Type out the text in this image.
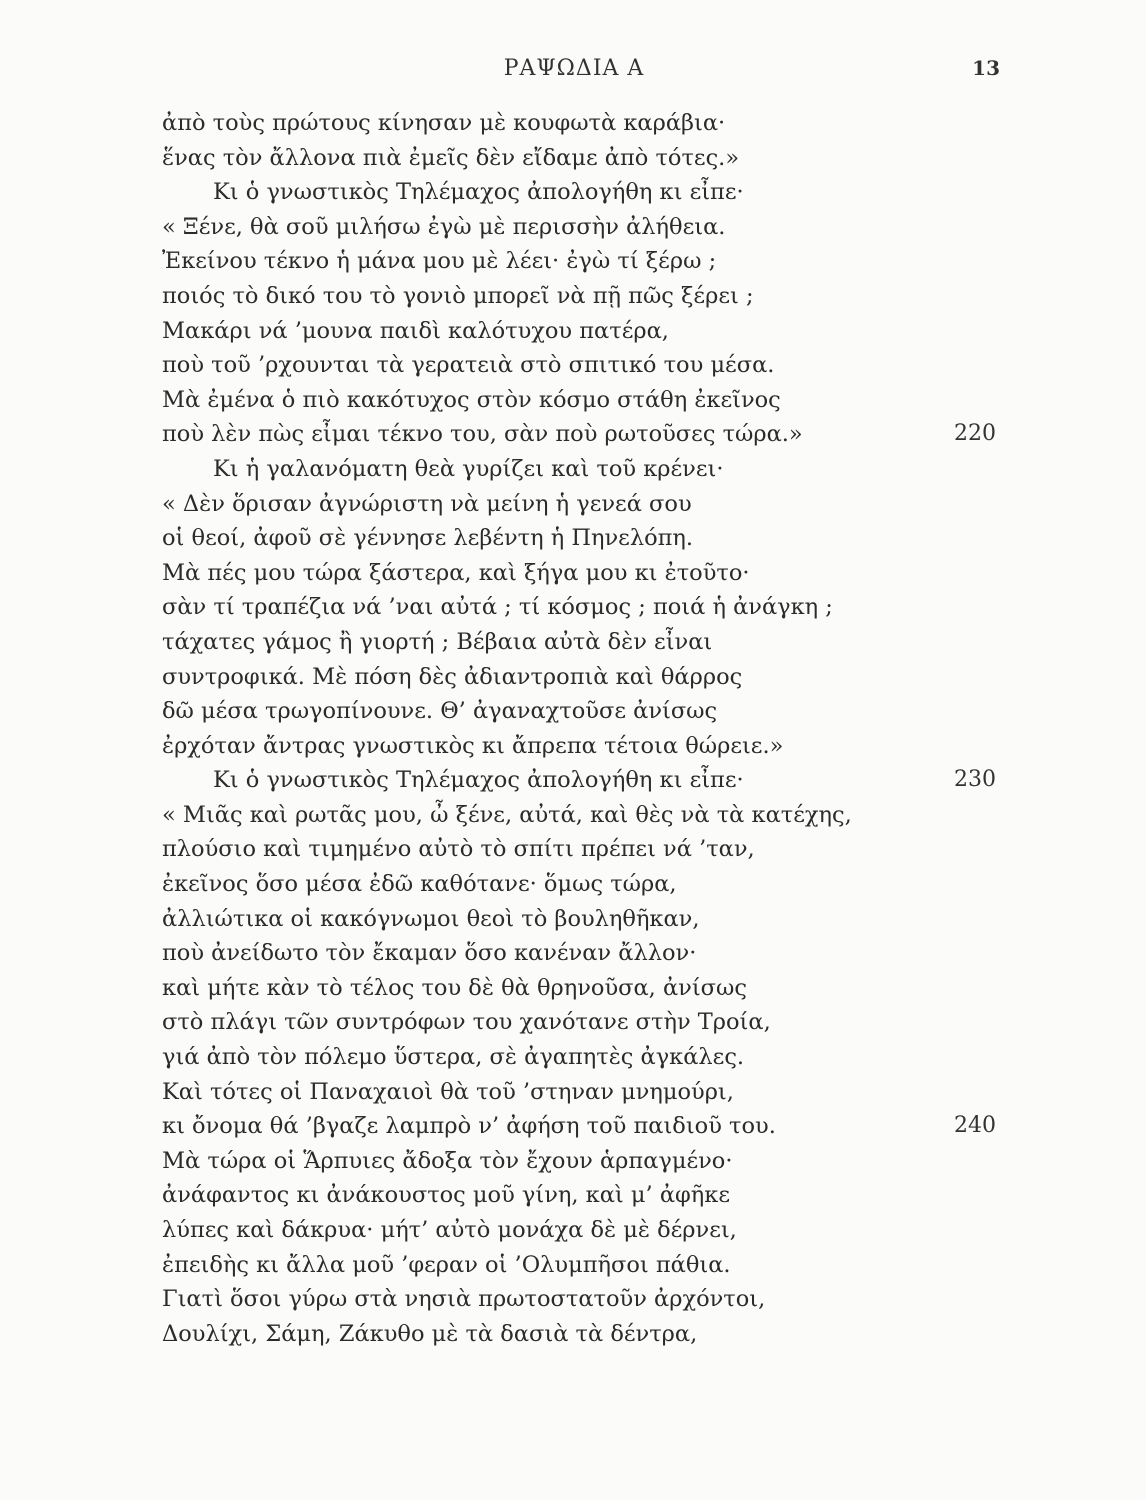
ΡΑΨΩΔΙΑ Α	13
ἀπὸ τοὺς πρώτους κίνησαν μὲ κουφωτὰ καράβια·
ἕνας τὸν ἄλλονα πιὰ ἐμεῖς δὲν εἴδαμε ἀπὸ τότες.»
Κι ὁ γνωστικὸς Τηλέμαχος ἀπολογήθη κι εἶπε·
« Ξένε, θὰ σοῦ μιλήσω ἐγὼ μὲ περισσὴν ἀλήθεια.
Ἐκείνου τέκνο ἡ μάνα μου μὲ λέει· ἐγὼ τί ξέρω ;
ποιός τὸ δικό του τὸ γονιὸ μπορεῖ νὰ πῇ πῶς ξέρει ;
Μακάρι νά ’μουνα παιδὶ καλότυχου πατέρα,
ποὺ τοῦ ’ρχουνται τὰ γερατειὰ στὸ σπιτικό του μέσα.
Μὰ ἐμένα ὁ πιὸ κακότυχος στὸν κόσμο στάθη ἐκεῖνος
ποὺ λὲν πὼς εἶμαι τέκνο του, σὰν ποὺ ρωτοῦσες τώρα.»	220
Κι ἡ γαλανόματη θεὰ γυρίζει καὶ τοῦ κρένει·
« Δὲν ὅρισαν ἀγνώριστη νὰ μείνη ἡ γενεά σου
οἱ θεοί, ἀφοῦ σὲ γέννησε λεβέντη ἡ Πηνελόπη.
Μὰ πές μου τώρα ξάστερα, καὶ ξήγα μου κι ἐτοῦτο·
σὰν τί τραπέζια νά ’ναι αὐτά ; τί κόσμος ; ποιά ἡ ἀνάγκη ;
τάχατες γάμος ἢ γιορτή ; Βέβαια αὐτὰ δὲν εἶναι
συντροφικά. Μὲ πόση δὲς ἀδιαντροπιὰ καὶ θάρρος
δῶ μέσα τρωγοπίνουνε. Θ’ ἀγαναχτοῦσε ἀνίσως
ἐρχόταν ἄντρας γνωστικὸς κι ἄπρεπα τέτοια θώρειε.»
Κι ὁ γνωστικὸς Τηλέμαχος ἀπολογήθη κι εἶπε·	230
« Μιᾶς καὶ ρωτᾶς μου, ὦ ξένε, αὐτά, καὶ θὲς νὰ τὰ κατέχης,
πλούσιο καὶ τιμημένο αὐτὸ τὸ σπίτι πρέπει νά ’ταν,
ἐκεῖνος ὅσο μέσα ἐδῶ καθότανε· ὅμως τώρα,
ἀλλιώτικα οἱ κακόγνωμοι θεοὶ τὸ βουληθῆκαν,
ποὺ ἀνείδωτο τὸν ἔκαμαν ὅσο κανέναν ἄλλον·
καὶ μήτε κὰν τὸ τέλος του δὲ θὰ θρηνοῦσα, ἀνίσως
στὸ πλάγι τῶν συντρόφων του χανότανε στὴν Τροία,
γιά ἀπὸ τὸν πόλεμο ὕστερα, σὲ ἀγαπητὲς ἀγκάλες.
Καὶ τότες οἱ Παναχαιοὶ θὰ τοῦ ’στηναν μνημούρι,
κι ὄνομα θά ’βγαζε λαμπρὸ ν’ ἀφήση τοῦ παιδιοῦ του.	240
Μὰ τώρα οἱ Ἅρπυιες ἄδοξα τὸν ἔχουν ἁρπαγμένο·
ἀνάφαντος κι ἀνάκουστος μοῦ γίνη, καὶ μ’ ἀφῆκε
λύπες καὶ δάκρυα· μήτ’ αὐτὸ μονάχα δὲ μὲ δέρνει,
ἐπειδὴς κι ἄλλα μοῦ ’φεραν οἱ ’Ολυμπῆσοι πάθια.
Γιατὶ ὅσοι γύρω στὰ νησιὰ πρωτοστατοῦν ἀρχόντοι,
Δουλίχι, Σάμη, Ζάκυθο μὲ τὰ δασιὰ τὰ δέντρα,
